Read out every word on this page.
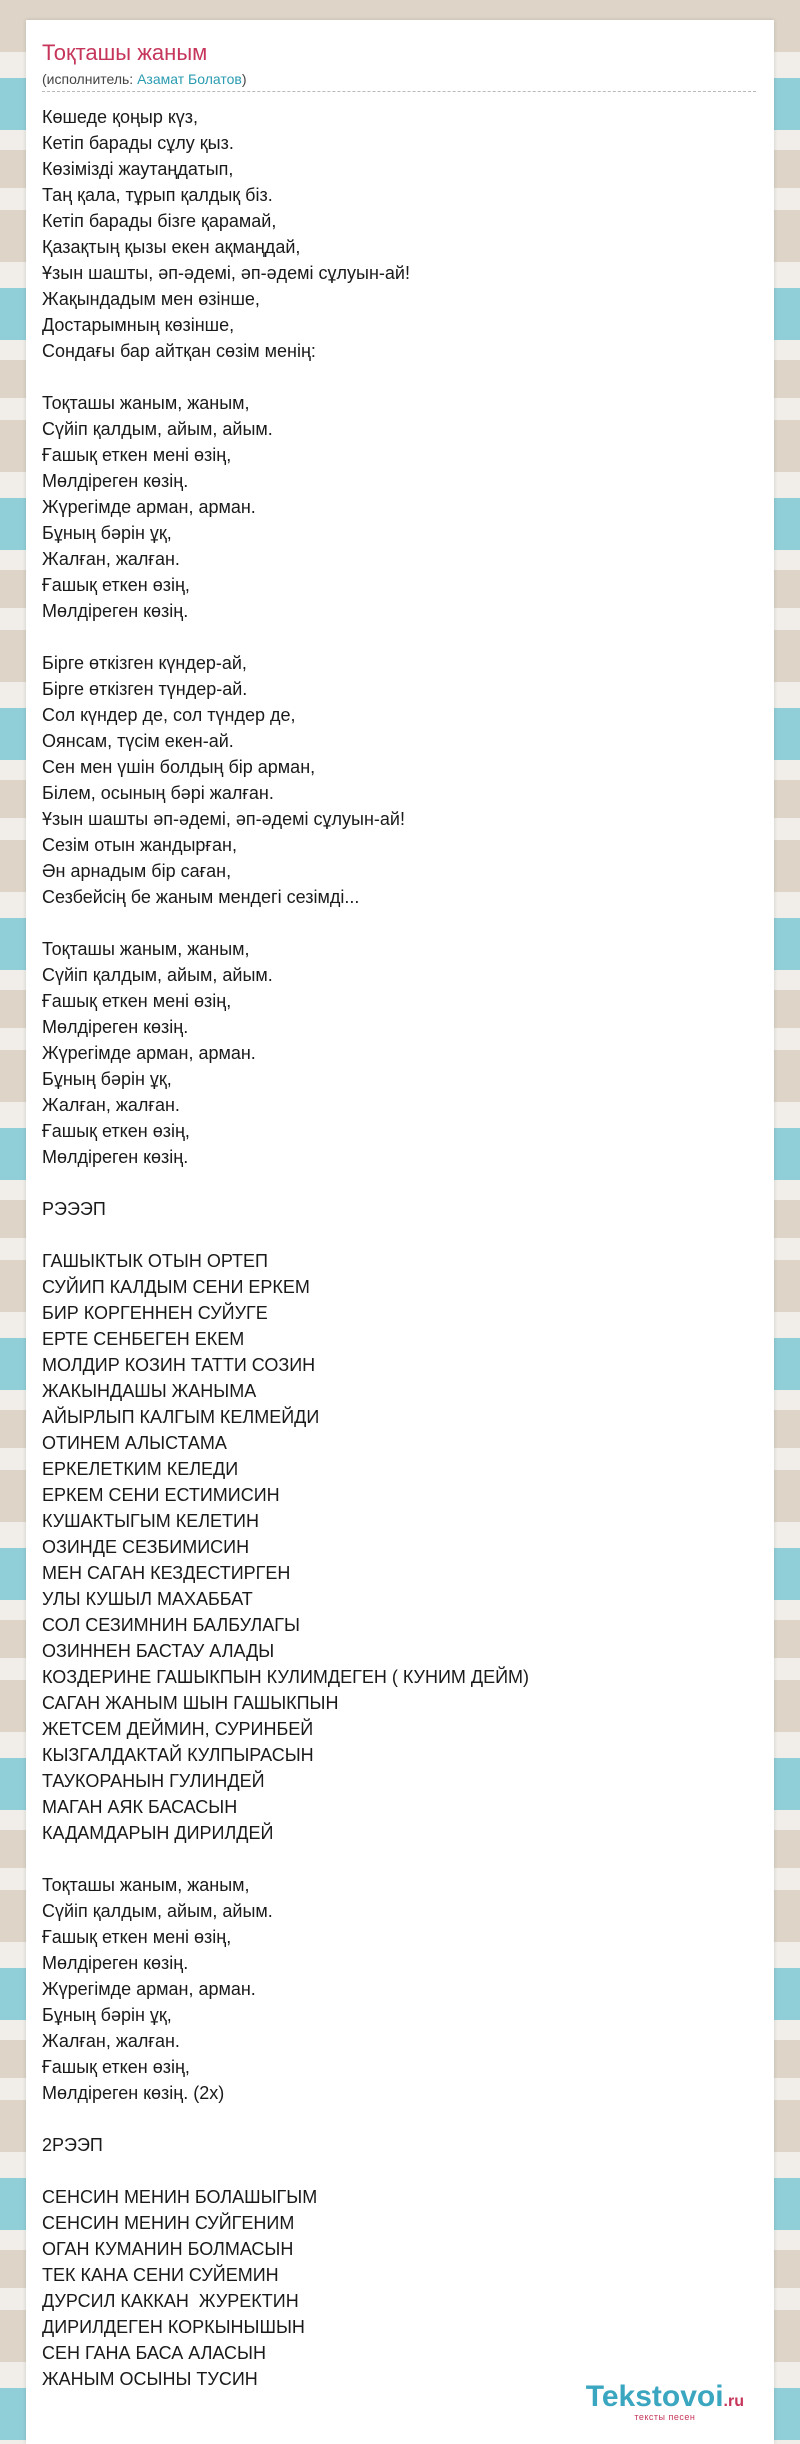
Тоқташы жаным
(исполнитель: Азамат Болатов)
Көшеде қоңыр күз,
Кетіп барады сұлу қыз.
Көзімізді жаутаңдатып,
Таң қала, тұрып қалдық біз.
Кетіп барады бізге қарамай,
Қазақтың қызы екен ақмаңдай,
Ұзын шашты, әп-әдемі, әп-әдемі сұлуын-ай!
Жақындадым мен өзінше,
Достарымның көзінше,
Сондағы бар айтқан сөзім менің:
Тоқташы жаным, жаным,
Сүйіп қалдым, айым, айым.
Ғашық еткен мені өзің,
Мөлдіреген көзің.
Жүрегімде арман, арман.
Бұның бәрін ұқ,
Жалған, жалған.
Ғашық еткен өзің,
Мөлдіреген көзің.
Бірге өткізген күндер-ай,
Бірге өткізген түндер-ай.
Сол күндер де, сол түндер де,
Оянсам, түсім екен-ай.
Сен мен үшін болдың бір арман,
Білем, осының бәрі жалған.
Ұзын шашты әп-әдемі, әп-әдемі сұлуын-ай!
Сезім отын жандырған,
Ән арнадым бір саған,
Сезбейсің бе жаным мендегі сезімді...
Тоқташы жаным, жаным,
Сүйіп қалдым, айым, айым.
Ғашық еткен мені өзің,
Мөлдіреген көзің.
Жүрегімде арман, арман.
Бұның бәрін ұқ,
Жалған, жалған.
Ғашық еткен өзің,
Мөлдіреген көзің.
РЭЭЭП
ГАШЫКТЫК ОТЫН ОРТЕП
СУЙИП КАЛДЫМ СЕНИ ЕРКЕМ
БИР КОРГЕННЕН СУЙУГЕ
ЕРТЕ СЕНБЕГЕН ЕКЕМ
МОЛДИР КОЗИН ТАТТИ СОЗИН
ЖАКЫНДАШЫ ЖАНЫМА
АЙЫРЛЫП КАЛГЫМ КЕЛМЕЙДИ
ОТИНЕМ АЛЫСТАМА
ЕРКЕЛЕТКИМ КЕЛЕДИ
ЕРКЕМ СЕНИ ЕСТИМИСИН
КУШАКТЫГЫМ КЕЛЕТИН
ОЗИНДЕ СЕЗБИМИСИН
МЕН САГАН КЕЗДЕСТИРГЕН
УЛЫ КУШЫЛ МАХАББАТ
СОЛ СЕЗИМНИН БАЛБУЛАГЫ
ОЗИННЕН БАСТАУ АЛАДЫ
КОЗДЕРИНЕ ГАШЫКПЫН КУЛИМДЕГЕН ( КУНИМ ДЕЙМ)
САГАН ЖАНЫМ ШЫН ГАШЫКПЫН
ЖЕТСЕМ ДЕЙМИН, СУРИНБЕЙ
КЫЗГАЛДАКТАЙ КУЛПЫРАСЫН
ТАУКОРАНЫН ГУЛИНДЕЙ
МАГАН АЯК БАСАСЫН
КАДАМДАРЫН ДИРИЛДЕЙ
Тоқташы жаным, жаным,
Сүйіп қалдым, айым, айым.
Ғашық еткен мені өзің,
Мөлдіреген көзің.
Жүрегімде арман, арман.
Бұның бәрін ұқ,
Жалған, жалған.
Ғашық еткен өзің,
Мөлдіреген көзің. (2x)
2РЭЭП
СЕНСИН МЕНИН БОЛАШЫГЫМ
СЕНСИН МЕНИН СУЙГЕНИМ
ОГАН КУМАНИН БОЛМАСЫН
ТЕК КАНА СЕНИ СУЙЕМИН
ДУРСИЛ КАККАН  ЖУРЕКТИН
ДИРИЛДЕГЕН КОРКЫНЫШЫН
СЕН ГАНА БАСА АЛАСЫН
ЖАНЫМ ОСЫНЫ ТУСИН
Tekstovoi.ru
тексты песен
